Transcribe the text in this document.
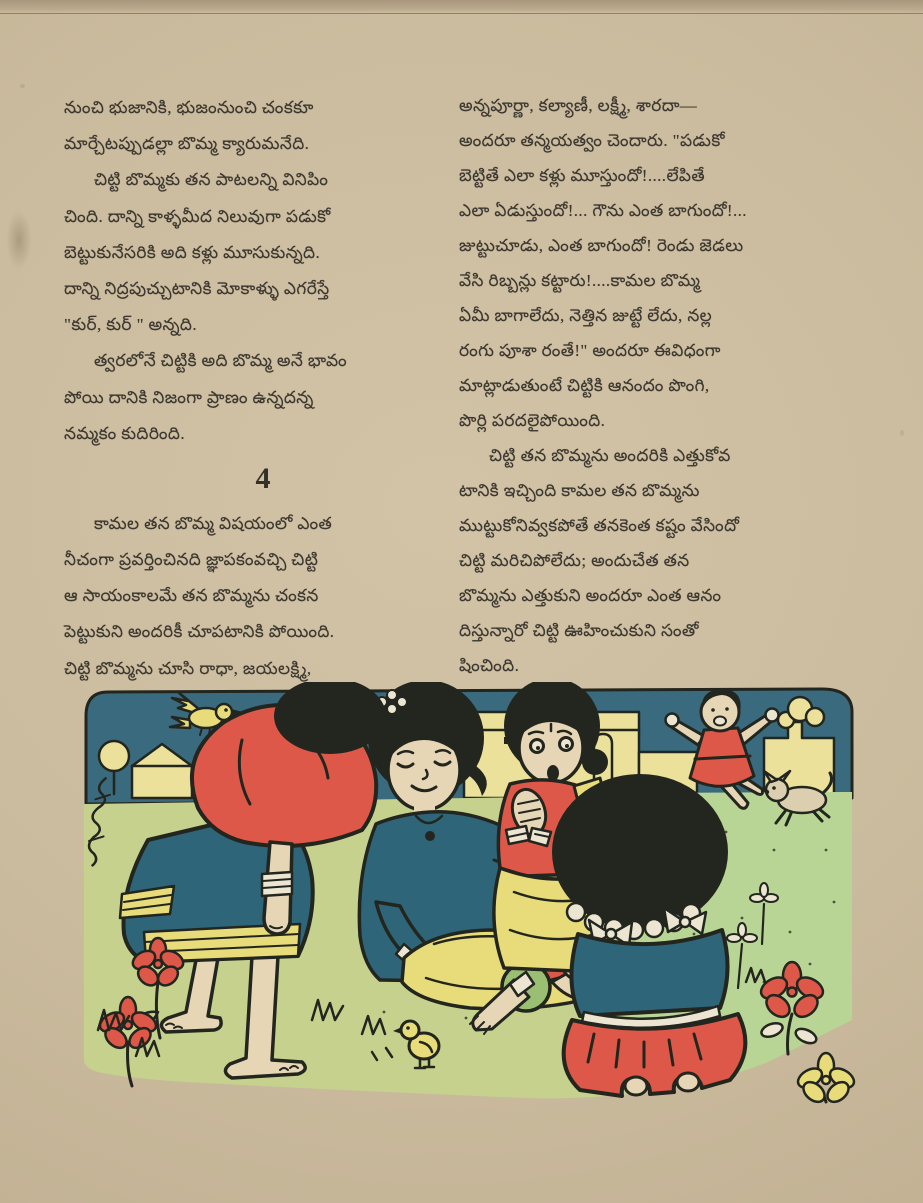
నుంచి భుజానికి, భుజంనుంచి చంకకూ
మార్చేటప్పుడల్లా బొమ్మ క్యారుమనేది.
చిట్టి బొమ్మకు తన పాటలన్ని వినిపిం
చింది. దాన్ని కాళ్ళమీద నిలువుగా పడుకో
బెట్టుకునేసరికి అది కళ్లు మూసుకున్నది.
దాన్ని నిద్రపుచ్చుటానికి మోకాళ్ళు ఎగరేస్తే
"కుర్, కుర్ " అన్నది.
త్వరలోనే చిట్టికి అది బొమ్మ అనే భావం
పోయి దానికి నిజంగా ప్రాణం ఉన్నదన్న
నమ్మకం కుదిరింది.
4
కామల తన బొమ్మ విషయంలో ఎంత
నీచంగా ప్రవర్తించినది జ్ఞాపకంవచ్చి చిట్టి
ఆ సాయంకాలమే తన బొమ్మను చంకన
పెట్టుకుని అందరికీ చూపటానికి పోయింది.
చిట్టి బొమ్మను చూసి రాధా, జయలక్ష్మి,
అన్నపూర్ణా, కల్యాణీ, లక్ష్మీ, శారదా—
అందరూ తన్మయత్వం చెందారు. "పడుకో
బెట్టితే ఎలా కళ్లు మూస్తుందో!....లేపితే
ఎలా ఏడుస్తుందో!... గౌను ఎంత బాగుందో!...
జుట్టుచూడు, ఎంత బాగుందో! రెండు జెడలు
వేసి రిబ్బన్లు కట్టారు!....కామల బొమ్మ
ఏమీ బాగాలేదు, నెత్తిన జుట్టే లేదు, నల్ల
రంగు పూశా రంతే!" అందరూ ఈవిధంగా
మాట్లాడుతుంటే చిట్టికి ఆనందం పొంగి,
పొర్లి పరదలైపోయింది.
చిట్టి తన బొమ్మను అందరికి ఎత్తుకోవ
టానికి ఇచ్చింది కామల తన బొమ్మను
ముట్టుకోనివ్వకపోతే తనకెంత కష్టం వేసిందో
చిట్టి మరిచిపోలేదు; అందుచేత తన
బొమ్మను ఎత్తుకుని అందరూ ఎంత ఆనం
దిస్తున్నారో చిట్టి ఊహించుకుని సంతో
షించింది.
